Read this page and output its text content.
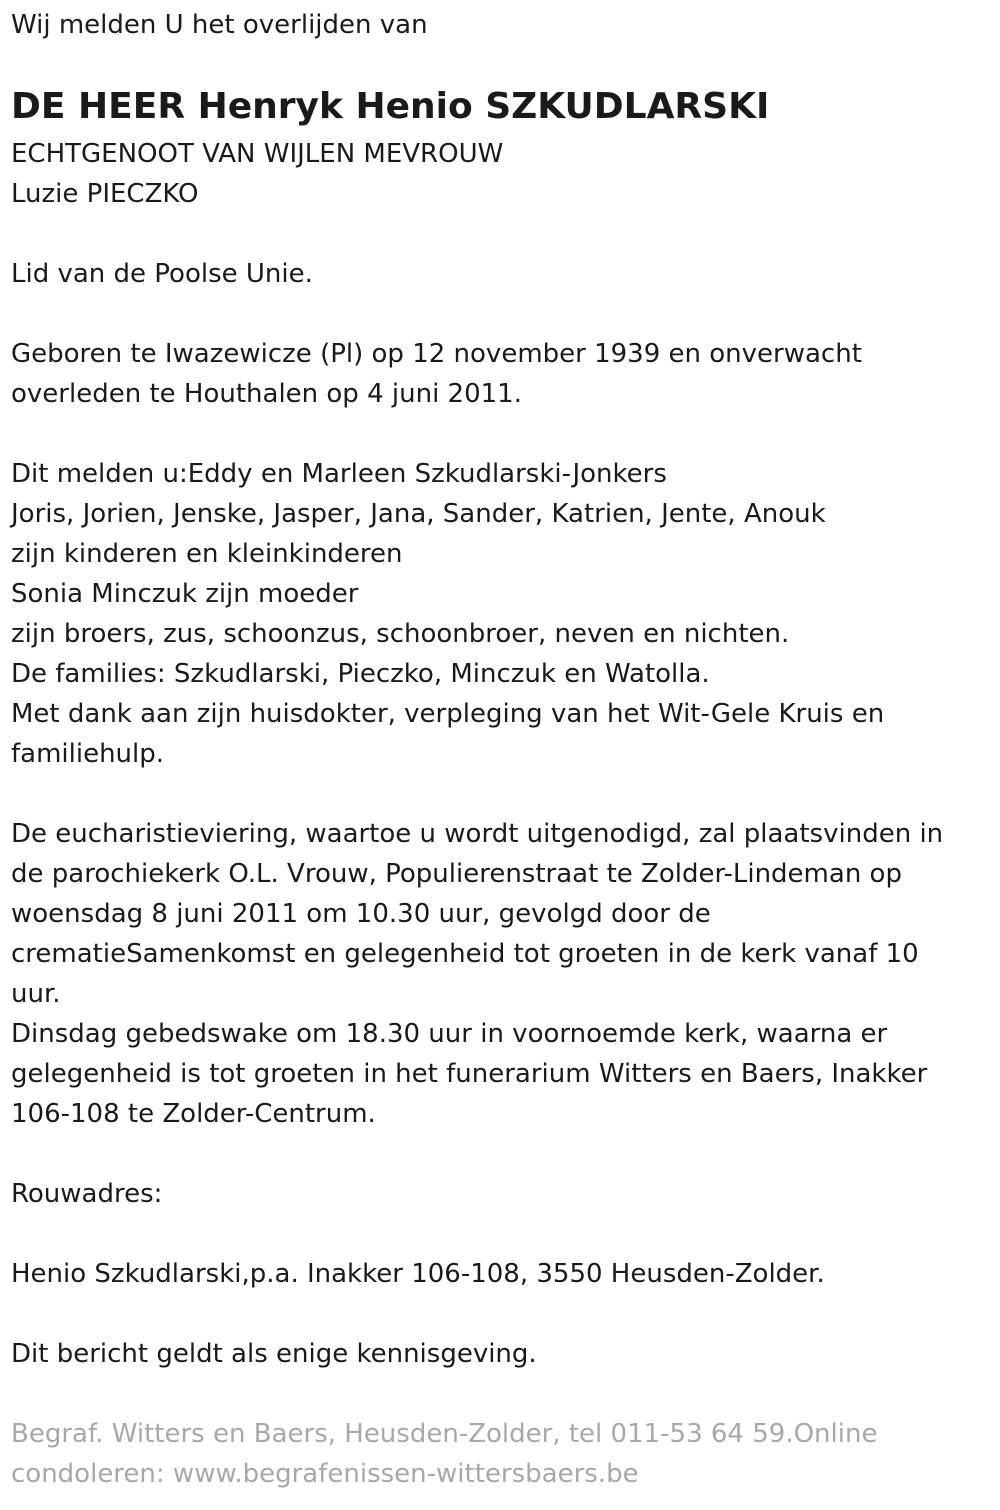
Wij melden U het overlijden van

DE HEER Henryk Henio SZKUDLARSKI

ECHTGENOOT VAN WIJLEN MEVROUW

Luzie PIECZKO

Lid van de Poolse Unie.

Geboren te Iwazewicze (Pl) op 12 november 1939 en onverwacht

overleden te Houthalen op 4 juni 2011.

Dit melden u:Eddy en Marleen Szkudlarski-Jonkers

Joris, Jorien, Jenske, Jasper, Jana, Sander, Katrien, Jente, Anouk

zijn kinderen en kleinkinderen

Sonia Minczuk zijn moeder

zijn broers, zus, schoonzus, schoonbroer, neven en nichten.

De families: Szkudlarski, Pieczko, Minczuk en Watolla.

Met dank aan zijn huisdokter, verpleging van het Wit-Gele Kruis en

familiehulp.

De eucharistieviering, waartoe u wordt uitgenodigd, zal plaatsvinden in

de parochiekerk O.L. Vrouw, Populierenstraat te Zolder-Lindeman op

woensdag 8 juni 2011 om 10.30 uur, gevolgd door de

crematieSamenkomst en gelegenheid tot groeten in de kerk vanaf 10

uur.

Dinsdag gebedswake om 18.30 uur in voornoemde kerk, waarna er

gelegenheid is tot groeten in het funerarium Witters en Baers, Inakker

106-108 te Zolder-Centrum.

Rouwadres:

Henio Szkudlarski,p.a. Inakker 106-108, 3550 Heusden-Zolder.

Dit bericht geldt als enige kennisgeving.

Begraf. Witters en Baers, Heusden-Zolder, tel 011-53 64 59.Online

condoleren: www.begrafenissen-wittersbaers.be
